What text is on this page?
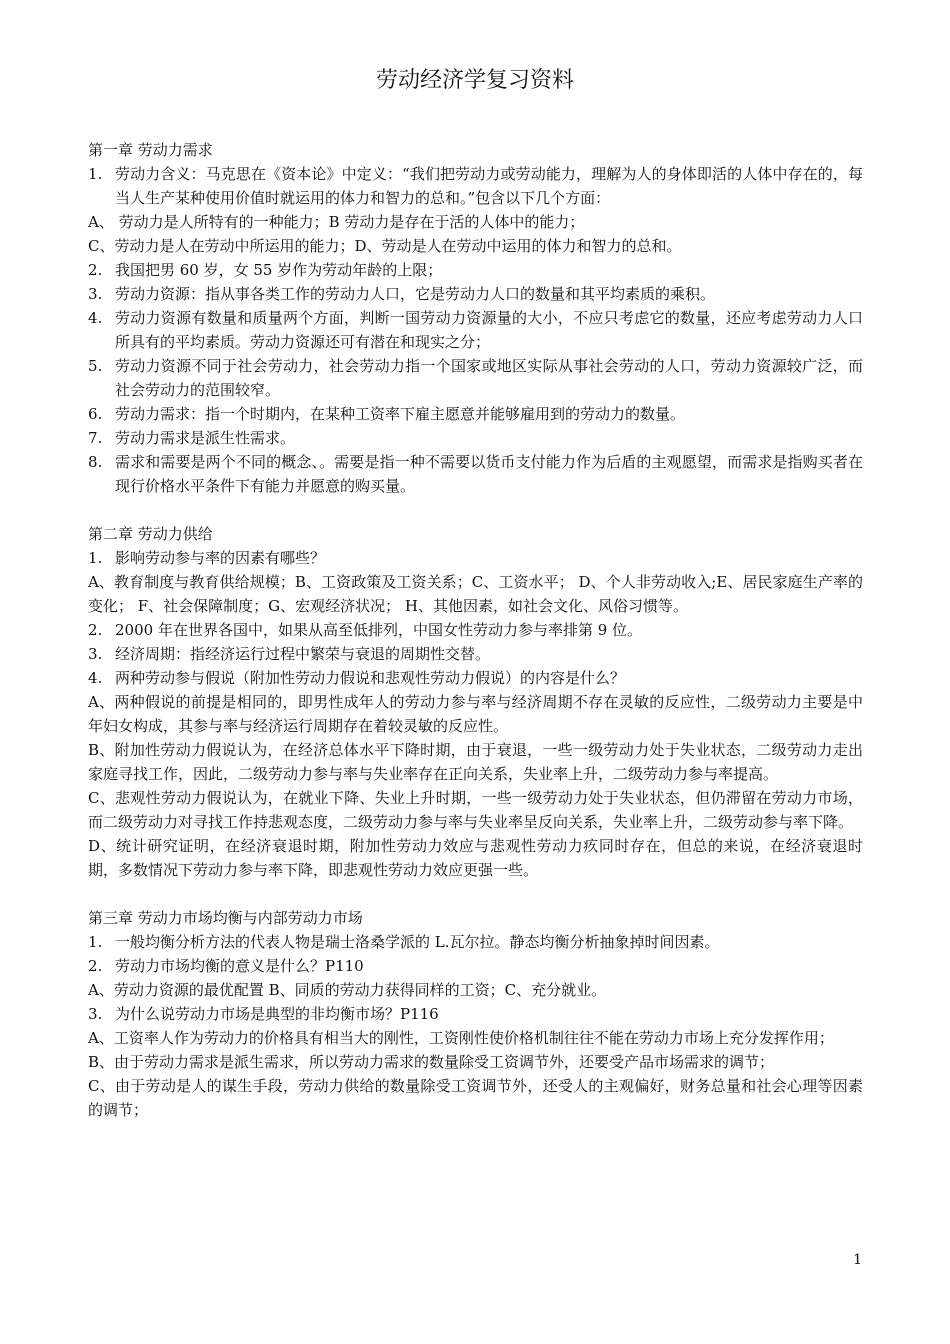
劳动经济学复习资料
第一章 劳动力需求
1. 劳动力含义：马克思在《资本论》中定义：“我们把劳动力或劳动能力，理解为人的身体即活的人体中存在的，每当人生产某种使用价值时就运用的体力和智力的总和。”包含以下几个方面：
A、 劳动力是人所特有的一种能力；B 劳动力是存在于活的人体中的能力；
C、劳动力是人在劳动中所运用的能力；D、劳动是人在劳动中运用的体力和智力的总和。
2. 我国把男 60 岁，女 55 岁作为劳动年龄的上限；
3. 劳动力资源：指从事各类工作的劳动力人口，它是劳动力人口的数量和其平均素质的乘积。
4. 劳动力资源有数量和质量两个方面，判断一国劳动力资源量的大小，不应只考虑它的数量，还应考虑劳动力人口所具有的平均素质。劳动力资源还可有潜在和现实之分；
5. 劳动力资源不同于社会劳动力，社会劳动力指一个国家或地区实际从事社会劳动的人口，劳动力资源较广泛，而社会劳动力的范围较窄。
6. 劳动力需求：指一个时期内，在某种工资率下雇主愿意并能够雇用到的劳动力的数量。
7. 劳动力需求是派生性需求。
8. 需求和需要是两个不同的概念、。需要是指一种不需要以货币支付能力作为后盾的主观愿望，而需求是指购买者在现行价格水平条件下有能力并愿意的购买量。
第二章 劳动力供给
1. 影响劳动参与率的因素有哪些？
A、教育制度与教育供给规模；B、工资政策及工资关系；C、工资水平； D、个人非劳动收入;E、居民家庭生产率的变化； F、社会保障制度；G、宏观经济状况； H、其他因素，如社会文化、风俗习惯等。
2. 2000 年在世界各国中，如果从高至低排列，中国女性劳动力参与率排第 9 位。
3. 经济周期：指经济运行过程中繁荣与衰退的周期性交替。
4. 两种劳动参与假说（附加性劳动力假说和悲观性劳动力假说）的内容是什么？
A、两种假说的前提是相同的，即男性成年人的劳动力参与率与经济周期不存在灵敏的反应性，二级劳动力主要是中年妇女构成，其参与率与经济运行周期存在着较灵敏的反应性。
B、附加性劳动力假说认为，在经济总体水平下降时期，由于衰退，一些一级劳动力处于失业状态，二级劳动力走出家庭寻找工作，因此，二级劳动力参与率与失业率存在正向关系，失业率上升，二级劳动力参与率提高。
C、悲观性劳动力假说认为，在就业下降、失业上升时期，一些一级劳动力处于失业状态，但仍滞留在劳动力市场，而二级劳动力对寻找工作持悲观态度，二级劳动力参与率与失业率呈反向关系，失业率上升，二级劳动参与率下降。
D、统计研究证明，在经济衰退时期，附加性劳动力效应与悲观性劳动力疚同时存在，但总的来说，在经济衰退时期，多数情况下劳动力参与率下降，即悲观性劳动力效应更强一些。
第三章 劳动力市场均衡与内部劳动力市场
1. 一般均衡分析方法的代表人物是瑞士洛桑学派的 L.瓦尔拉。静态均衡分析抽象掉时间因素。
2. 劳动力市场均衡的意义是什么？P110
A、劳动力资源的最优配置 B、同质的劳动力获得同样的工资；C、充分就业。
3. 为什么说劳动力市场是典型的非均衡市场？P116
A、工资率人作为劳动力的价格具有相当大的刚性，工资刚性使价格机制往往不能在劳动力市场上充分发挥作用；
B、由于劳动力需求是派生需求，所以劳动力需求的数量除受工资调节外，还要受产品市场需求的调节；
C、由于劳动是人的谋生手段，劳动力供给的数量除受工资调节外，还受人的主观偏好，财务总量和社会心理等因素的调节；
1
